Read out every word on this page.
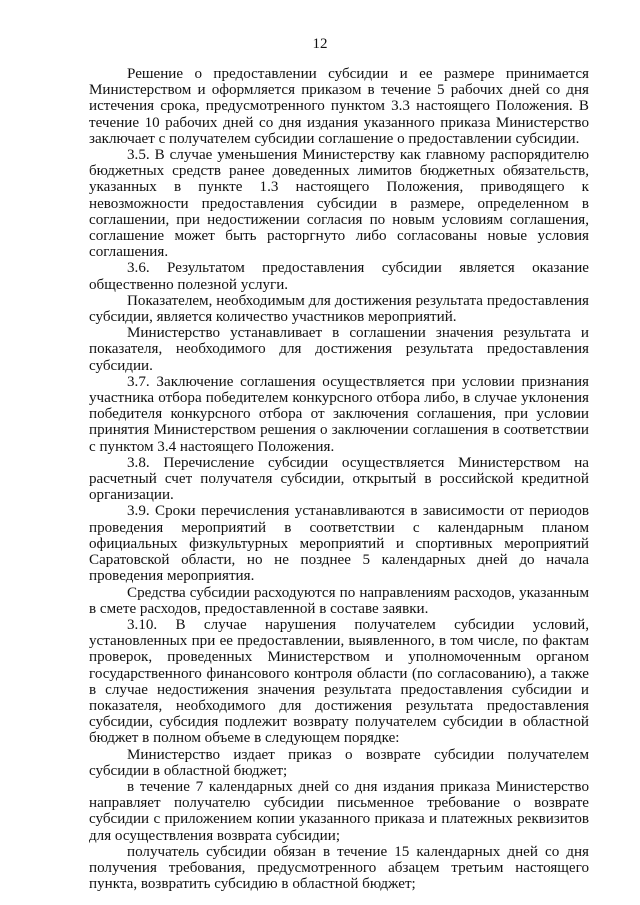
12

Решение о предоставлении субсидии и ее размере принимается Министерством и оформляется приказом в течение 5 рабочих дней со дня истечения срока, предусмотренного пунктом 3.3 настоящего Положения. В течение 10 рабочих дней со дня издания указанного приказа Министерство заключает с получателем субсидии соглашение о предоставлении субсидии.

3.5. В случае уменьшения Министерству как главному распорядителю бюджетных средств ранее доведенных лимитов бюджетных обязательств, указанных в пункте 1.3 настоящего Положения, приводящего к невозможности предоставления субсидии в размере, определенном в соглашении, при недостижении согласия по новым условиям соглашения, соглашение может быть расторгнуто либо согласованы новые условия соглашения.

3.6. Результатом предоставления субсидии является оказание общественно полезной услуги.

Показателем, необходимым для достижения результата предоставления субсидии, является количество участников мероприятий.

Министерство устанавливает в соглашении значения результата и показателя, необходимого для достижения результата предоставления субсидии.

3.7. Заключение соглашения осуществляется при условии признания участника отбора победителем конкурсного отбора либо, в случае уклонения победителя конкурсного отбора от заключения соглашения, при условии принятия Министерством решения о заключении соглашения в соответствии с пунктом 3.4 настоящего Положения.

3.8. Перечисление субсидии осуществляется Министерством на расчетный счет получателя субсидии, открытый в российской кредитной организации.

3.9. Сроки перечисления устанавливаются в зависимости от периодов проведения мероприятий в соответствии с календарным планом официальных физкультурных мероприятий и спортивных мероприятий Саратовской области, но не позднее 5 календарных дней до начала проведения мероприятия.

Средства субсидии расходуются по направлениям расходов, указанным в смете расходов, предоставленной в составе заявки.

3.10. В случае нарушения получателем субсидии условий, установленных при ее предоставлении, выявленного, в том числе, по фактам проверок, проведенных Министерством и уполномоченным органом государственного финансового контроля области (по согласованию), а также в случае недостижения значения результата предоставления субсидии и показателя, необходимого для достижения результата предоставления субсидии, субсидия подлежит возврату получателем субсидии в областной бюджет в полном объеме в следующем порядке:

Министерство издает приказ о возврате субсидии получателем субсидии в областной бюджет;

в течение 7 календарных дней со дня издания приказа Министерство направляет получателю субсидии письменное требование о возврате субсидии с приложением копии указанного приказа и платежных реквизитов для осуществления возврата субсидии;

получатель субсидии обязан в течение 15 календарных дней со дня получения требования, предусмотренного абзацем третьим настоящего пункта, возвратить субсидию в областной бюджет;
